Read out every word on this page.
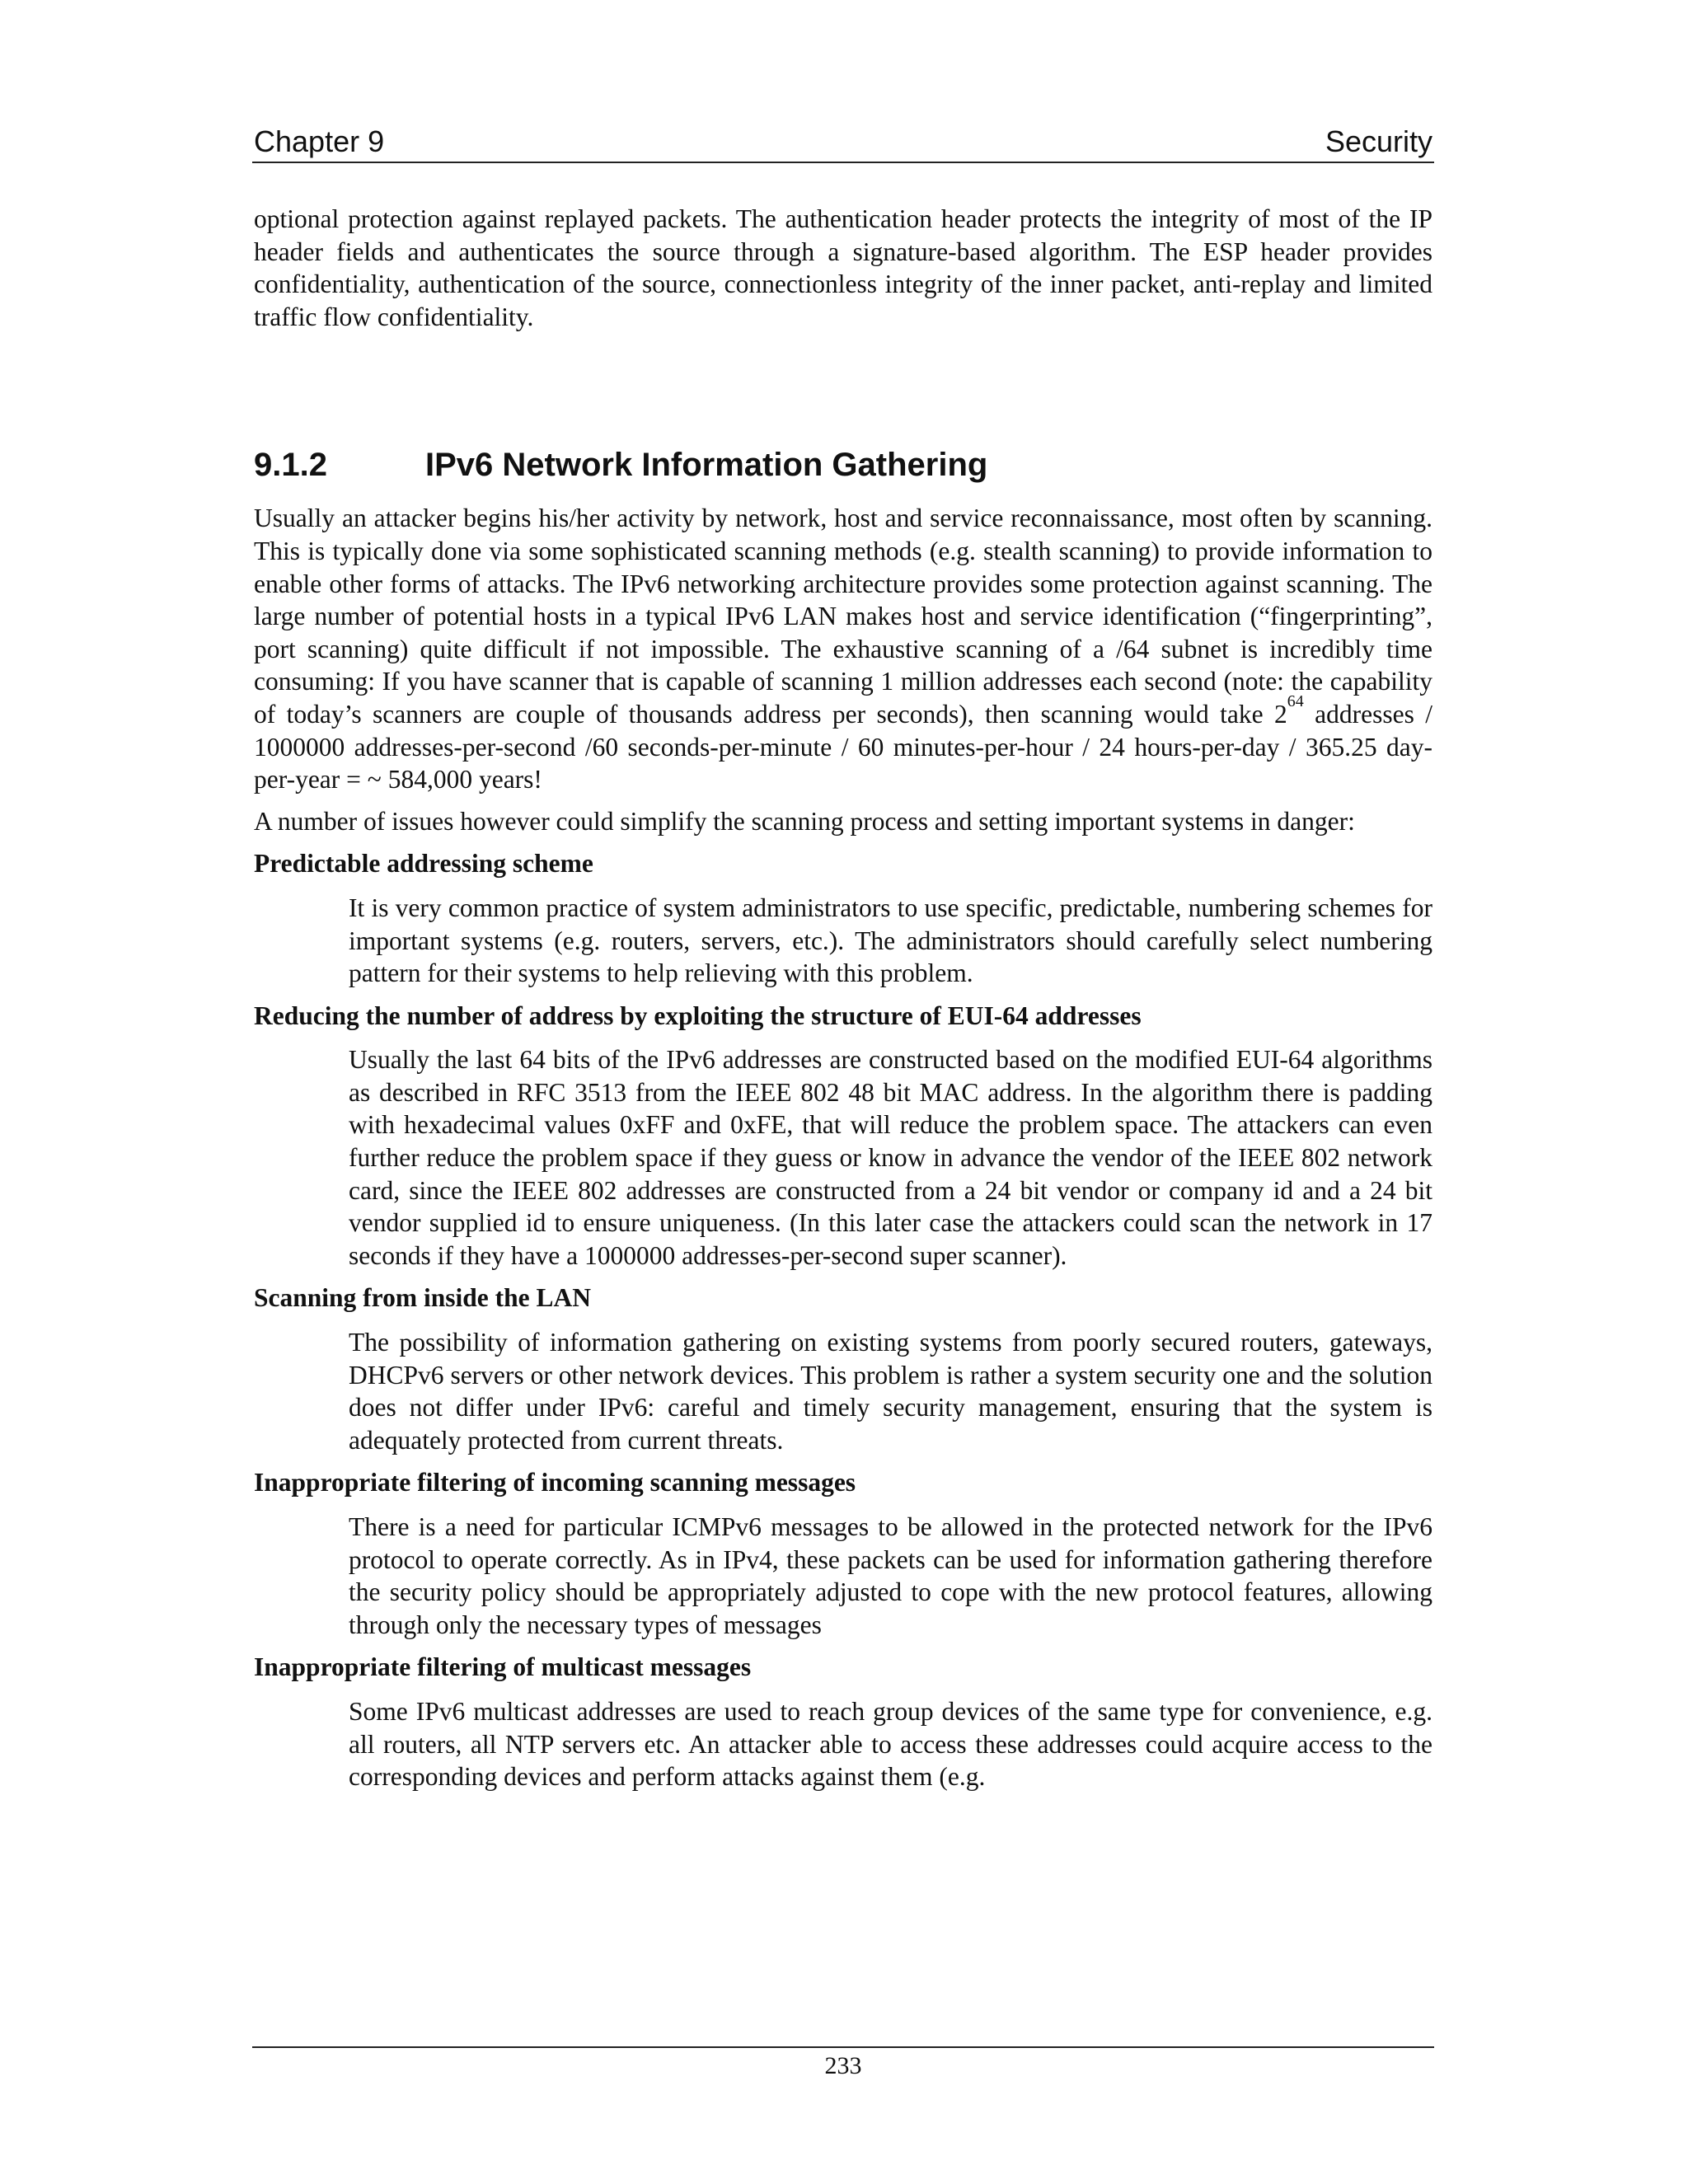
Chapter 9	Security

optional protection against replayed packets. The authentication header protects the integrity of most of the IP header fields and authenticates the source through a signature-based algorithm. The ESP header provides confidentiality, authentication of the source, connectionless integrity of the inner packet, anti-replay and limited traffic flow confidentiality.

9.1.2	IPv6 Network Information Gathering

Usually an attacker begins his/her activity by network, host and service reconnaissance, most often by scanning. This is typically done via some sophisticated scanning methods (e.g. stealth scanning) to provide information to enable other forms of attacks. The IPv6 networking architecture provides some protection against scanning. The large number of potential hosts in a typical IPv6 LAN makes host and service identification (“fingerprinting”, port scanning) quite difficult if not impossible. The exhaustive scanning of a /64 subnet is incredibly time consuming: If you have scanner that is capable of scanning 1 million addresses each second (note: the capability of today’s scanners are couple of thousands address per seconds), then scanning would take $2^{64}$ addresses / 1000000 addresses-per-second /60 seconds-per-minute / 60 minutes-per-hour / 24 hours-per-day / 365.25 day-per-year = ~ 584,000 years!

A number of issues however could simplify the scanning process and setting important systems in danger:

Predictable addressing scheme
It is very common practice of system administrators to use specific, predictable, numbering schemes for important systems (e.g. routers, servers, etc.). The administrators should carefully select numbering pattern for their systems to help relieving with this problem.
Reducing the number of address by exploiting the structure of EUI-64 addresses
Usually the last 64 bits of the IPv6 addresses are constructed based on the modified EUI-64 algorithms as described in RFC 3513 from the IEEE 802 48 bit MAC address. In the algorithm there is padding with hexadecimal values 0xFF and 0xFE, that will reduce the problem space. The attackers can even further reduce the problem space if they guess or know in advance the vendor of the IEEE 802 network card, since the IEEE 802 addresses are constructed from a 24 bit vendor or company id and a 24 bit vendor supplied id to ensure uniqueness. (In this later case the attackers could scan the network in 17 seconds if they have a 1000000 addresses-per-second super scanner).
Scanning from inside the LAN
The possibility of information gathering on existing systems from poorly secured routers, gateways, DHCPv6 servers or other network devices. This problem is rather a system security one and the solution does not differ under IPv6: careful and timely security management, ensuring that the system is adequately protected from current threats.
Inappropriate filtering of incoming scanning messages
There is a need for particular ICMPv6 messages to be allowed in the protected network for the IPv6 protocol to operate correctly. As in IPv4, these packets can be used for information gathering therefore the security policy should be appropriately adjusted to cope with the new protocol features, allowing through only the necessary types of messages
Inappropriate filtering of multicast messages
Some IPv6 multicast addresses are used to reach group devices of the same type for convenience, e.g. all routers, all NTP servers etc. An attacker able to access these addresses could acquire access to the corresponding devices and perform attacks against them (e.g.
233
